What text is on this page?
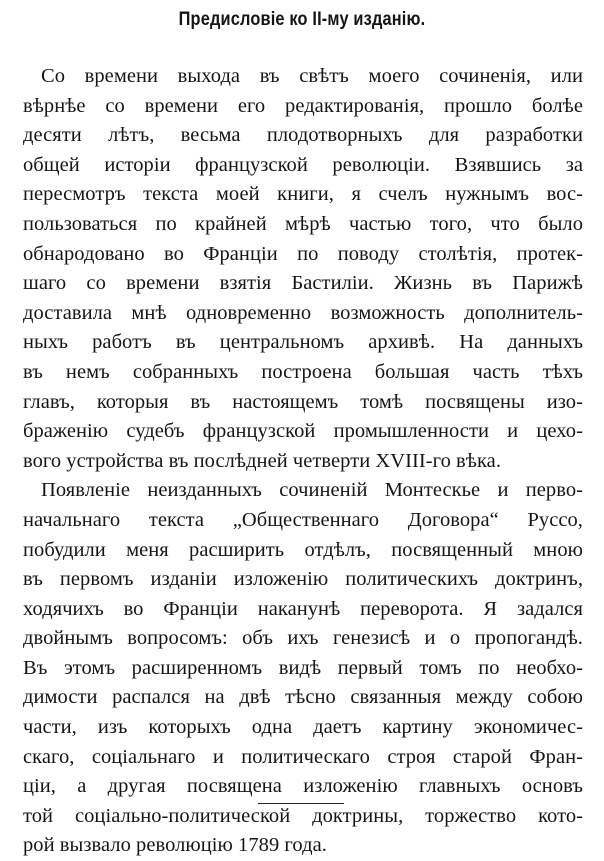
Предисловіе ко II-му изданію.
Со времени выхода въ свѣтъ моего сочиненія, или
вѣрнѣе со времени его редактированія, прошло болѣе
десяти лѣтъ, весьма плодотворныхъ для разработки
общей исторіи французской революціи. Взявшись за
пересмотръ текста моей книги, я счелъ нужнымъ вос-
пользоваться по крайней мѣрѣ частью того, что было
обнародовано во Франціи по поводу столѣтія, протек-
шаго со времени взятія Бастиліи. Жизнь въ Парижѣ
доставила мнѣ одновременно возможность дополнитель-
ныхъ работъ въ центральномъ архивѣ. На данныхъ
въ немъ собранныхъ построена большая часть тѣхъ
главъ, которыя въ настоящемъ томѣ посвящены изо-
браженію судебъ французской промышленности и цехо-
вого устройства въ послѣдней четверти XVIII-го вѣка.
Появленіе неизданныхъ сочиненій Монтескье и перво-
начальнаго текста „Общественнаго Договора“ Руссо,
побудили меня расширить отдѣлъ, посвященный мною
въ первомъ изданіи изложенію политическихъ доктринъ,
ходячихъ во Франціи наканунѣ переворота. Я задался
двойнымъ вопросомъ: объ ихъ генезисѣ и о пропогандѣ.
Въ этомъ расширенномъ видѣ первый томъ по необхо-
димости распался на двѣ тѣсно связанныя между собою
части, изъ которыхъ одна даетъ картину экономичес-
скаго, соціальнаго и политическаго строя старой Фран-
ціи, а другая посвящена изложенію главныхъ основъ
той соціально-политической доктрины, торжество кото-
рой вызвало революцію 1789 года.
